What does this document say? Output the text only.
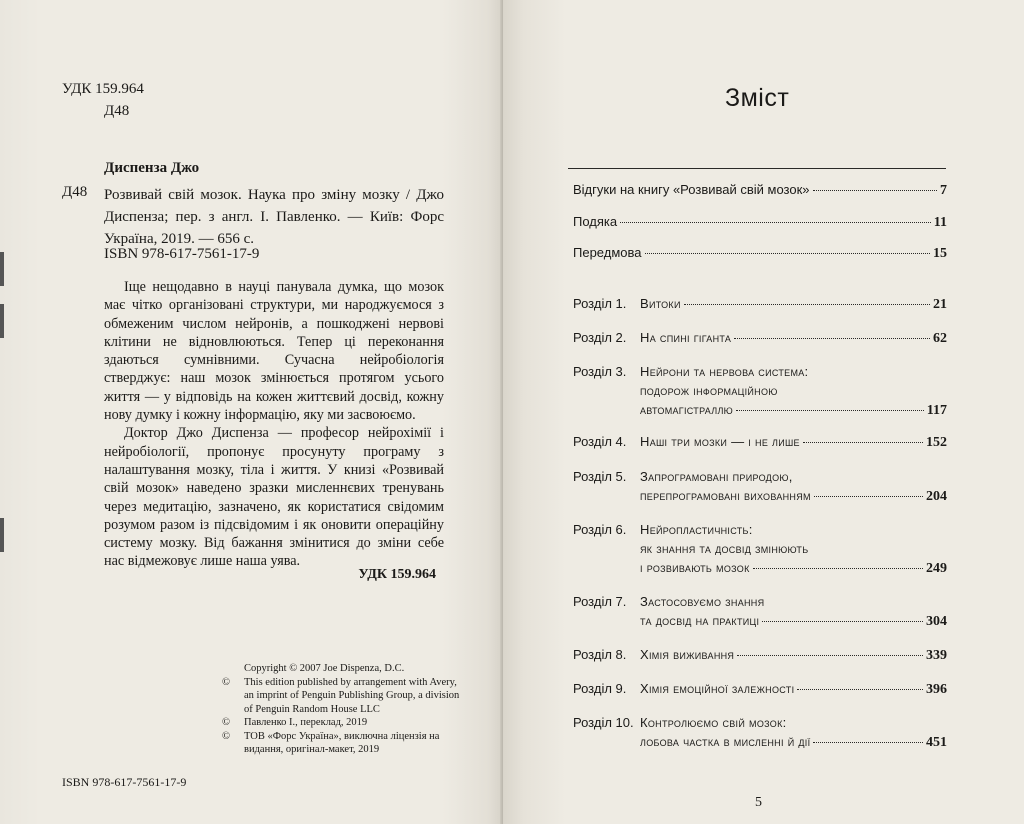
УДК 159.964
Д48
Диспенза Джо
Д48 Розвивай свій мозок. Наука про зміну мозку / Джо Диспенза; пер. з англ. І. Павленко. — Київ: Форс Україна, 2019. — 656 с.
ISBN 978-617-7561-17-9

Іще нещодавно в науці панувала думка, що мозок має чітко організовані структури, ми народжуємося з обмеженим числом нейронів, а пошкоджені нервові клітини не відновлюються. Тепер ці переконання здаються сумнівними. Сучасна нейробіологія стверджує: наш мозок змінюється протягом усього життя — у відповідь на кожен життєвий досвід, кожну нову думку і кожну інформацію, яку ми засвоюємо.

Доктор Джо Диспенза — професор нейрохімії і нейробіології, пропонує просунуту програму з налаштування мозку, тіла і життя. У книзі «Розвивай свій мозок» наведено зразки мисленнєвих тренувань через медитацію, зазначено, як користатися свідомим розумом разом із підсвідомим і як оновити операційну систему мозку. Від бажання змінитися до зміни себе нас відмежовує лише наша уява.

УДК 159.964
Copyright © 2007 Joe Dispenza, D.C.
©	This edition published by arrangement with Avery, an imprint of Penguin Publishing Group, a division of Penguin Random House LLC
©	Павленко І., переклад, 2019
©	ТОВ «Форс Україна», виключна ліцензія на видання, оригінал-макет, 2019
ISBN 978-617-7561-17-9
Зміст
Відгуки на книгу «Розвивай свій мозок»	7
Подяка	11
Передмова	15
Розділ 1. Витоки	21
Розділ 2. На спині гіганта	62
Розділ 3. Нейрони та нервова система:
подорож інформаційною
автомагістраллю	117
Розділ 4. Наші три мозки — і не лише	152
Розділ 5. Запрограмовані природою,
перепрограмовані вихованням	204
Розділ 6. Нейропластичність:
як знання та досвід змінюють
і розвивають мозок	249
Розділ 7. Застосовуємо знання
та досвід на практиці	304
Розділ 8. Хімія виживання	339
Розділ 9. Хімія емоційної залежності	396
Розділ 10. Контролюємо свій мозок:
лобова частка в мисленні й дії	451
5
